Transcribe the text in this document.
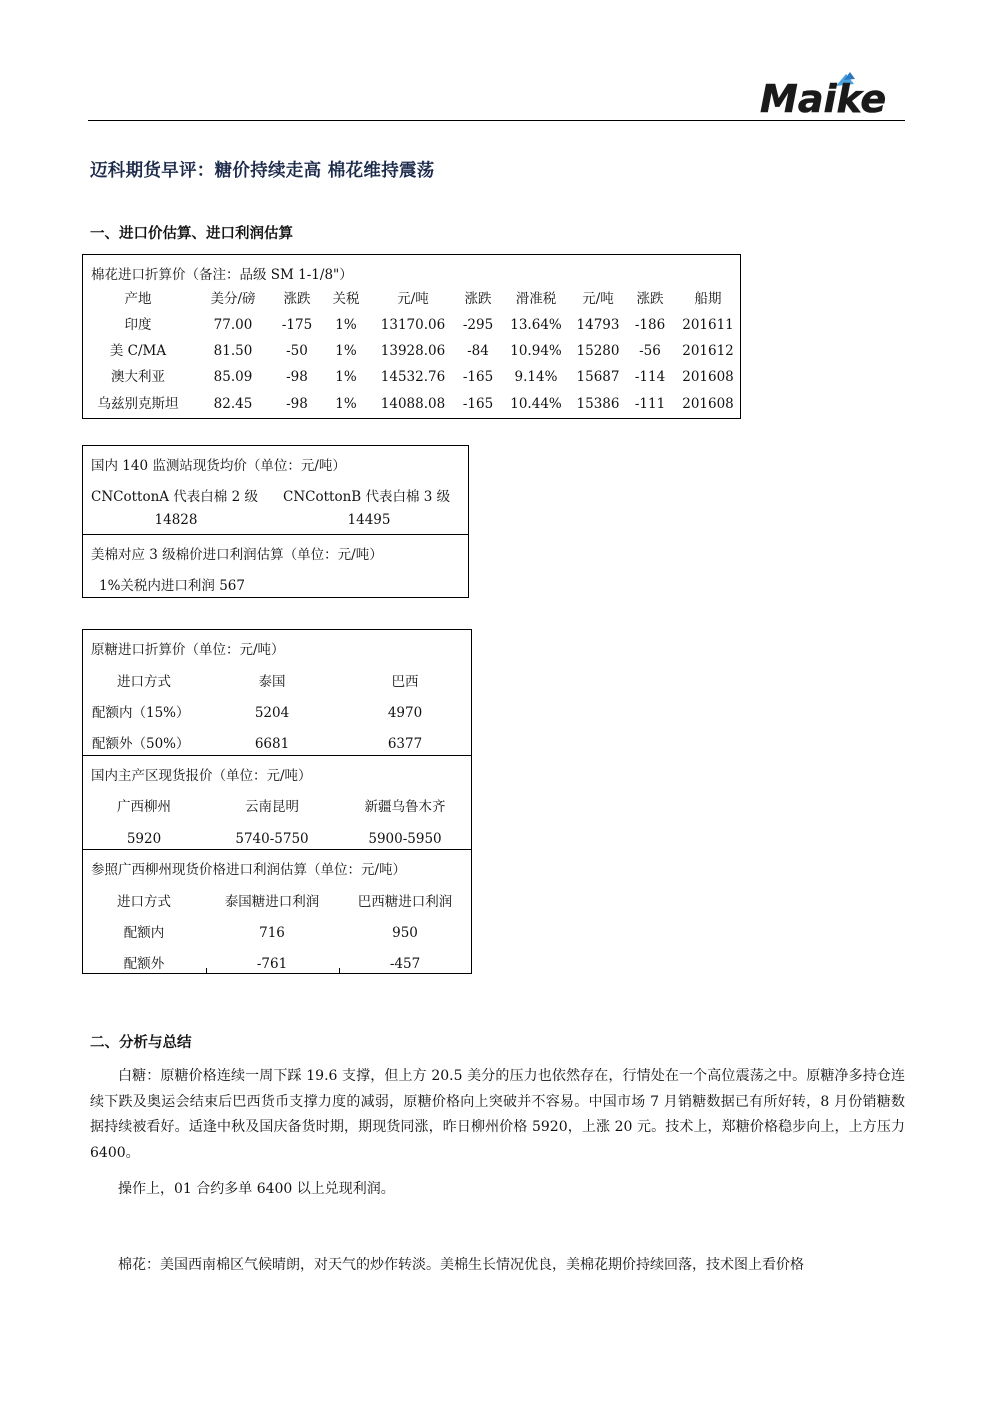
Maike
迈科期货早评：糖价持续走高 棉花维持震荡
一、进口价估算、进口利润估算
棉花进口折算价（备注：品级 SM 1-1/8"）
产地	美分/磅 涨跌 关税	元/吨	涨跌 滑准税 元/吨 涨跌 船期
印度	77.00 -175 1% 13170.06 -295 13.64% 14793 -186 201611
美 C/MA	81.50	-50 1% 13928.06 -84 10.94% 15280 -56 201612
澳大利亚	85.09	-98 1% 14532.76 -165 9.14% 15687 -114 201608
乌兹别克斯坦	82.45	-98 1% 14088.08 -165 10.44% 15386 -111 201608
国内 140 监测站现货均价（单位：元/吨）
CNCottonA 代表白棉 2 级 CNCottonB 代表白棉 3 级
14828	14495
美棉对应 3 级棉价进口利润估算（单位：元/吨）
1%关税内进口利润 567
原糖进口折算价（单位：元/吨）
进口方式	泰国	巴西
配额内（15%）	5204	4970
配额外（50%）	6681	6377
国内主产区现货报价（单位：元/吨）
广西柳州	云南昆明	新疆乌鲁木齐
5920	5740-5750	5900-5950
参照广西柳州现货价格进口利润估算（单位：元/吨）
进口方式	泰国糖进口利润	巴西糖进口利润
配额内	716	950
配额外	-761	-457
二、分析与总结
白糖：原糖价格连续一周下踩 19.6 支撑，但上方 20.5 美分的压力也依然存在，行情处在一个高位震荡之中。原糖净多持仓连续下跌及奥运会结束后巴西货币支撑力度的减弱，原糖价格向上突破并不容易。中国市场 7 月销糖数据已有所好转，8 月份销糖数据持续被看好。适逢中秋及国庆备货时期，期现货同涨，昨日柳州价格 5920，上涨 20 元。技术上，郑糖价格稳步向上，上方压力 6400。
操作上，01 合约多单 6400 以上兑现利润。
棉花：美国西南棉区气候晴朗，对天气的炒作转淡。美棉生长情况优良，美棉花期价持续回落，技术图上看价格
